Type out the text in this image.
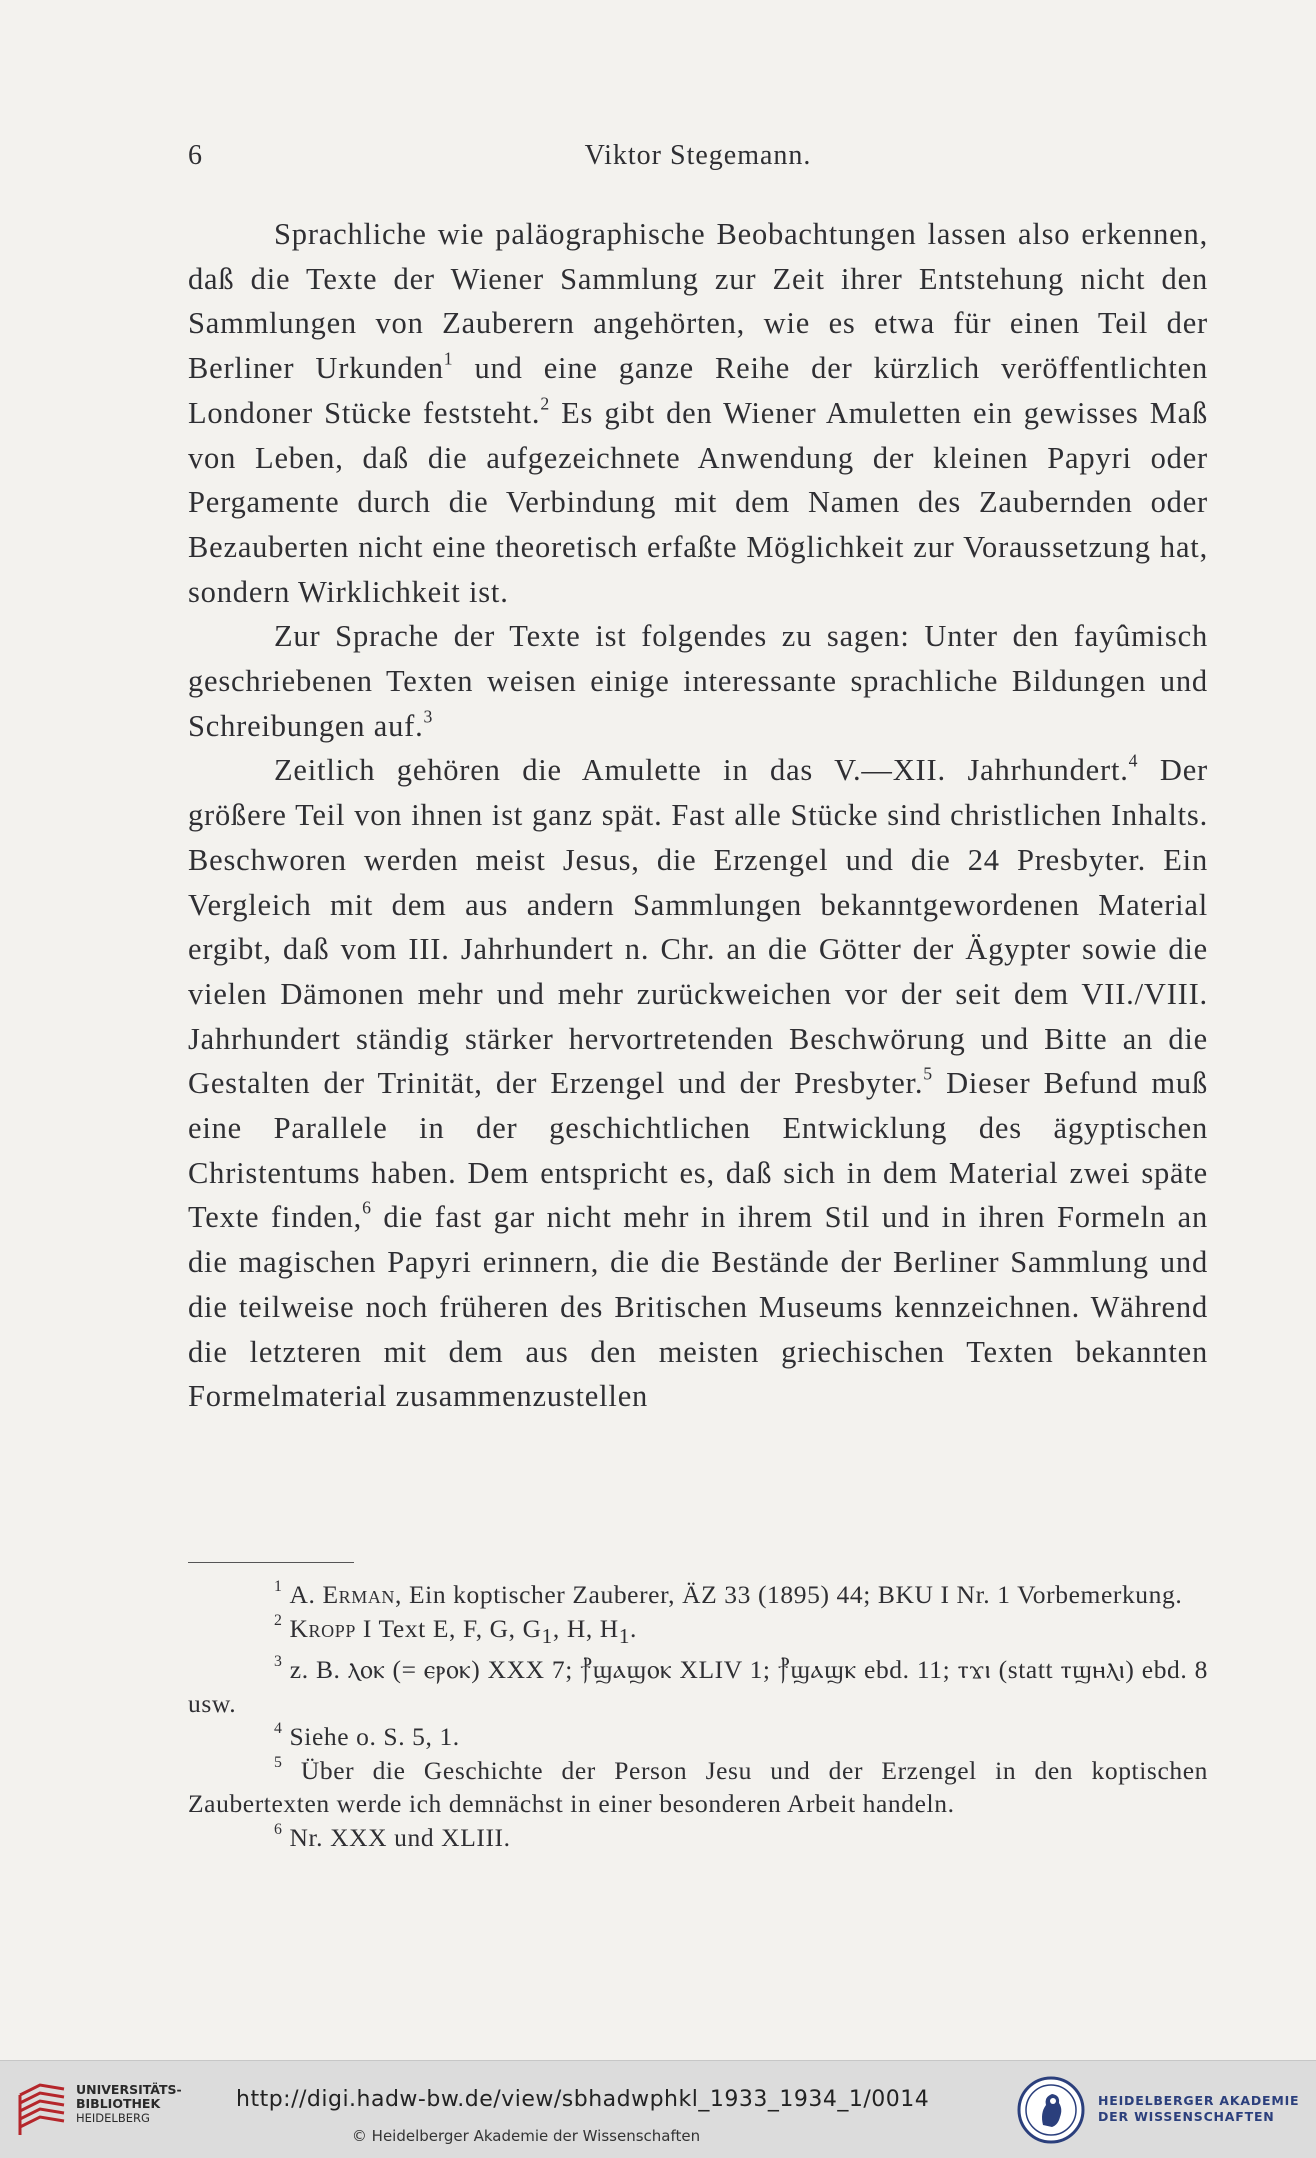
6	Viktor Stegemann.

Sprachliche wie paläographische Beobachtungen lassen also erkennen, daß die Texte der Wiener Sammlung zur Zeit ihrer Entstehung nicht den Sammlungen von Zauberern angehörten, wie es etwa für einen Teil der Berliner Urkunden$^1$ und eine ganze Reihe der kürzlich veröffentlichten Londoner Stücke feststeht.$^2$ Es gibt den Wiener Amuletten ein gewisses Maß von Leben, daß die aufgezeichnete Anwendung der kleinen Papyri oder Pergamente durch die Verbindung mit dem Namen des Zaubernden oder Bezauberten nicht eine theoretisch erfaßte Möglichkeit zur Voraussetzung hat, sondern Wirklichkeit ist.

Zur Sprache der Texte ist folgendes zu sagen: Unter den fayûmisch geschriebenen Texten weisen einige interessante sprachliche Bildungen und Schreibungen auf.$^3$

Zeitlich gehören die Amulette in das V.—XII. Jahrhundert.$^4$ Der größere Teil von ihnen ist ganz spät. Fast alle Stücke sind christlichen Inhalts. Beschworen werden meist Jesus, die Erzengel und die 24 Presbyter. Ein Vergleich mit dem aus andern Sammlungen bekanntgewordenen Material ergibt, daß vom III. Jahrhundert n. Chr. an die Götter der Ägypter sowie die vielen Dämonen mehr und mehr zurückweichen vor der seit dem VII./VIII. Jahrhundert ständig stärker hervortretenden Beschwörung und Bitte an die Gestalten der Trinität, der Erzengel und der Presbyter.$^5$ Dieser Befund muß eine Parallele in der geschichtlichen Entwicklung des ägyptischen Christentums haben. Dem entspricht es, daß sich in dem Material zwei späte Texte finden,$^6$ die fast gar nicht mehr in ihrem Stil und in ihren Formeln an die magischen Papyri erinnern, die die Bestände der Berliner Sammlung und die teilweise noch früheren des Britischen Museums kennzeichnen. Während die letzteren mit dem aus den meisten griechischen Texten bekannten Formelmaterial zusammenzustellen

$^1$ A. Erman, Ein koptischer Zauberer, ÄZ 33 (1895) 44; BKU I Nr. 1 Vorbemerkung.

$^2$ Kropp I Text E, F, G, $G_1$, H, $H_1$.

$^3$ z. B. ⲗⲟⲕ (= ⲉⲣⲟⲕ) XXX 7; ⳨ϣⲁϣⲟⲕ XLIV 1; ⳨ϣⲁϣⲕ ebd. 11; ⲧϫⲓ (statt ⲧϣⲏⲗⲓ) ebd. 8 usw.

$^4$ Siehe o. S. 5, 1.

$^5$ Über die Geschichte der Person Jesu und der Erzengel in den koptischen Zaubertexten werde ich demnächst in einer besonderen Arbeit handeln.

$^6$ Nr. XXX und XLIII.

UNIVERSITÄTS-
BIBLIOTHEK
HEIDELBERG
http://digi.hadw-bw.de/view/sbhadwphkl_1933_1934_1/0014
© Heidelberger Akademie der Wissenschaften
HEIDELBERGER AKADEMIE
DER WISSENSCHAFTEN
